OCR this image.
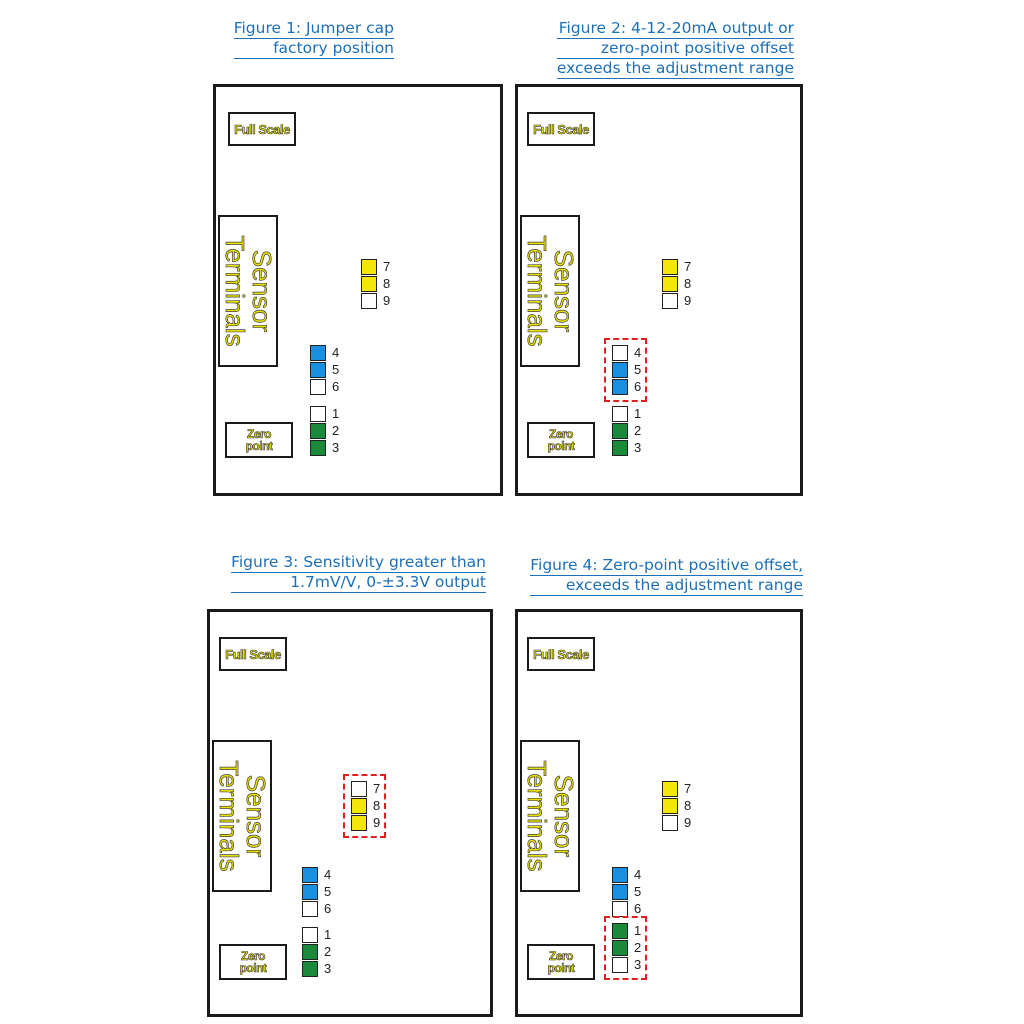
Figure 1: Jumper cap
factory position
Full Scale
Sensor
Terminals
Zero
point
7
8
9
4
5
6
1
2
3
Figure 2: 4-12-20mA output or
zero-point positive offset
exceeds the adjustment range
Full Scale
Sensor
Terminals
Zero
point
7
8
9
4
5
6
1
2
3
Figure 3: Sensitivity greater than
1.7mV/V, 0-±3.3V output
Full Scale
Sensor
Terminals
Zero
point
7
8
9
4
5
6
1
2
3
Figure 4: Zero-point positive offset,
exceeds the adjustment range
Full Scale
Sensor
Terminals
Zero
point
7
8
9
4
5
6
1
2
3
